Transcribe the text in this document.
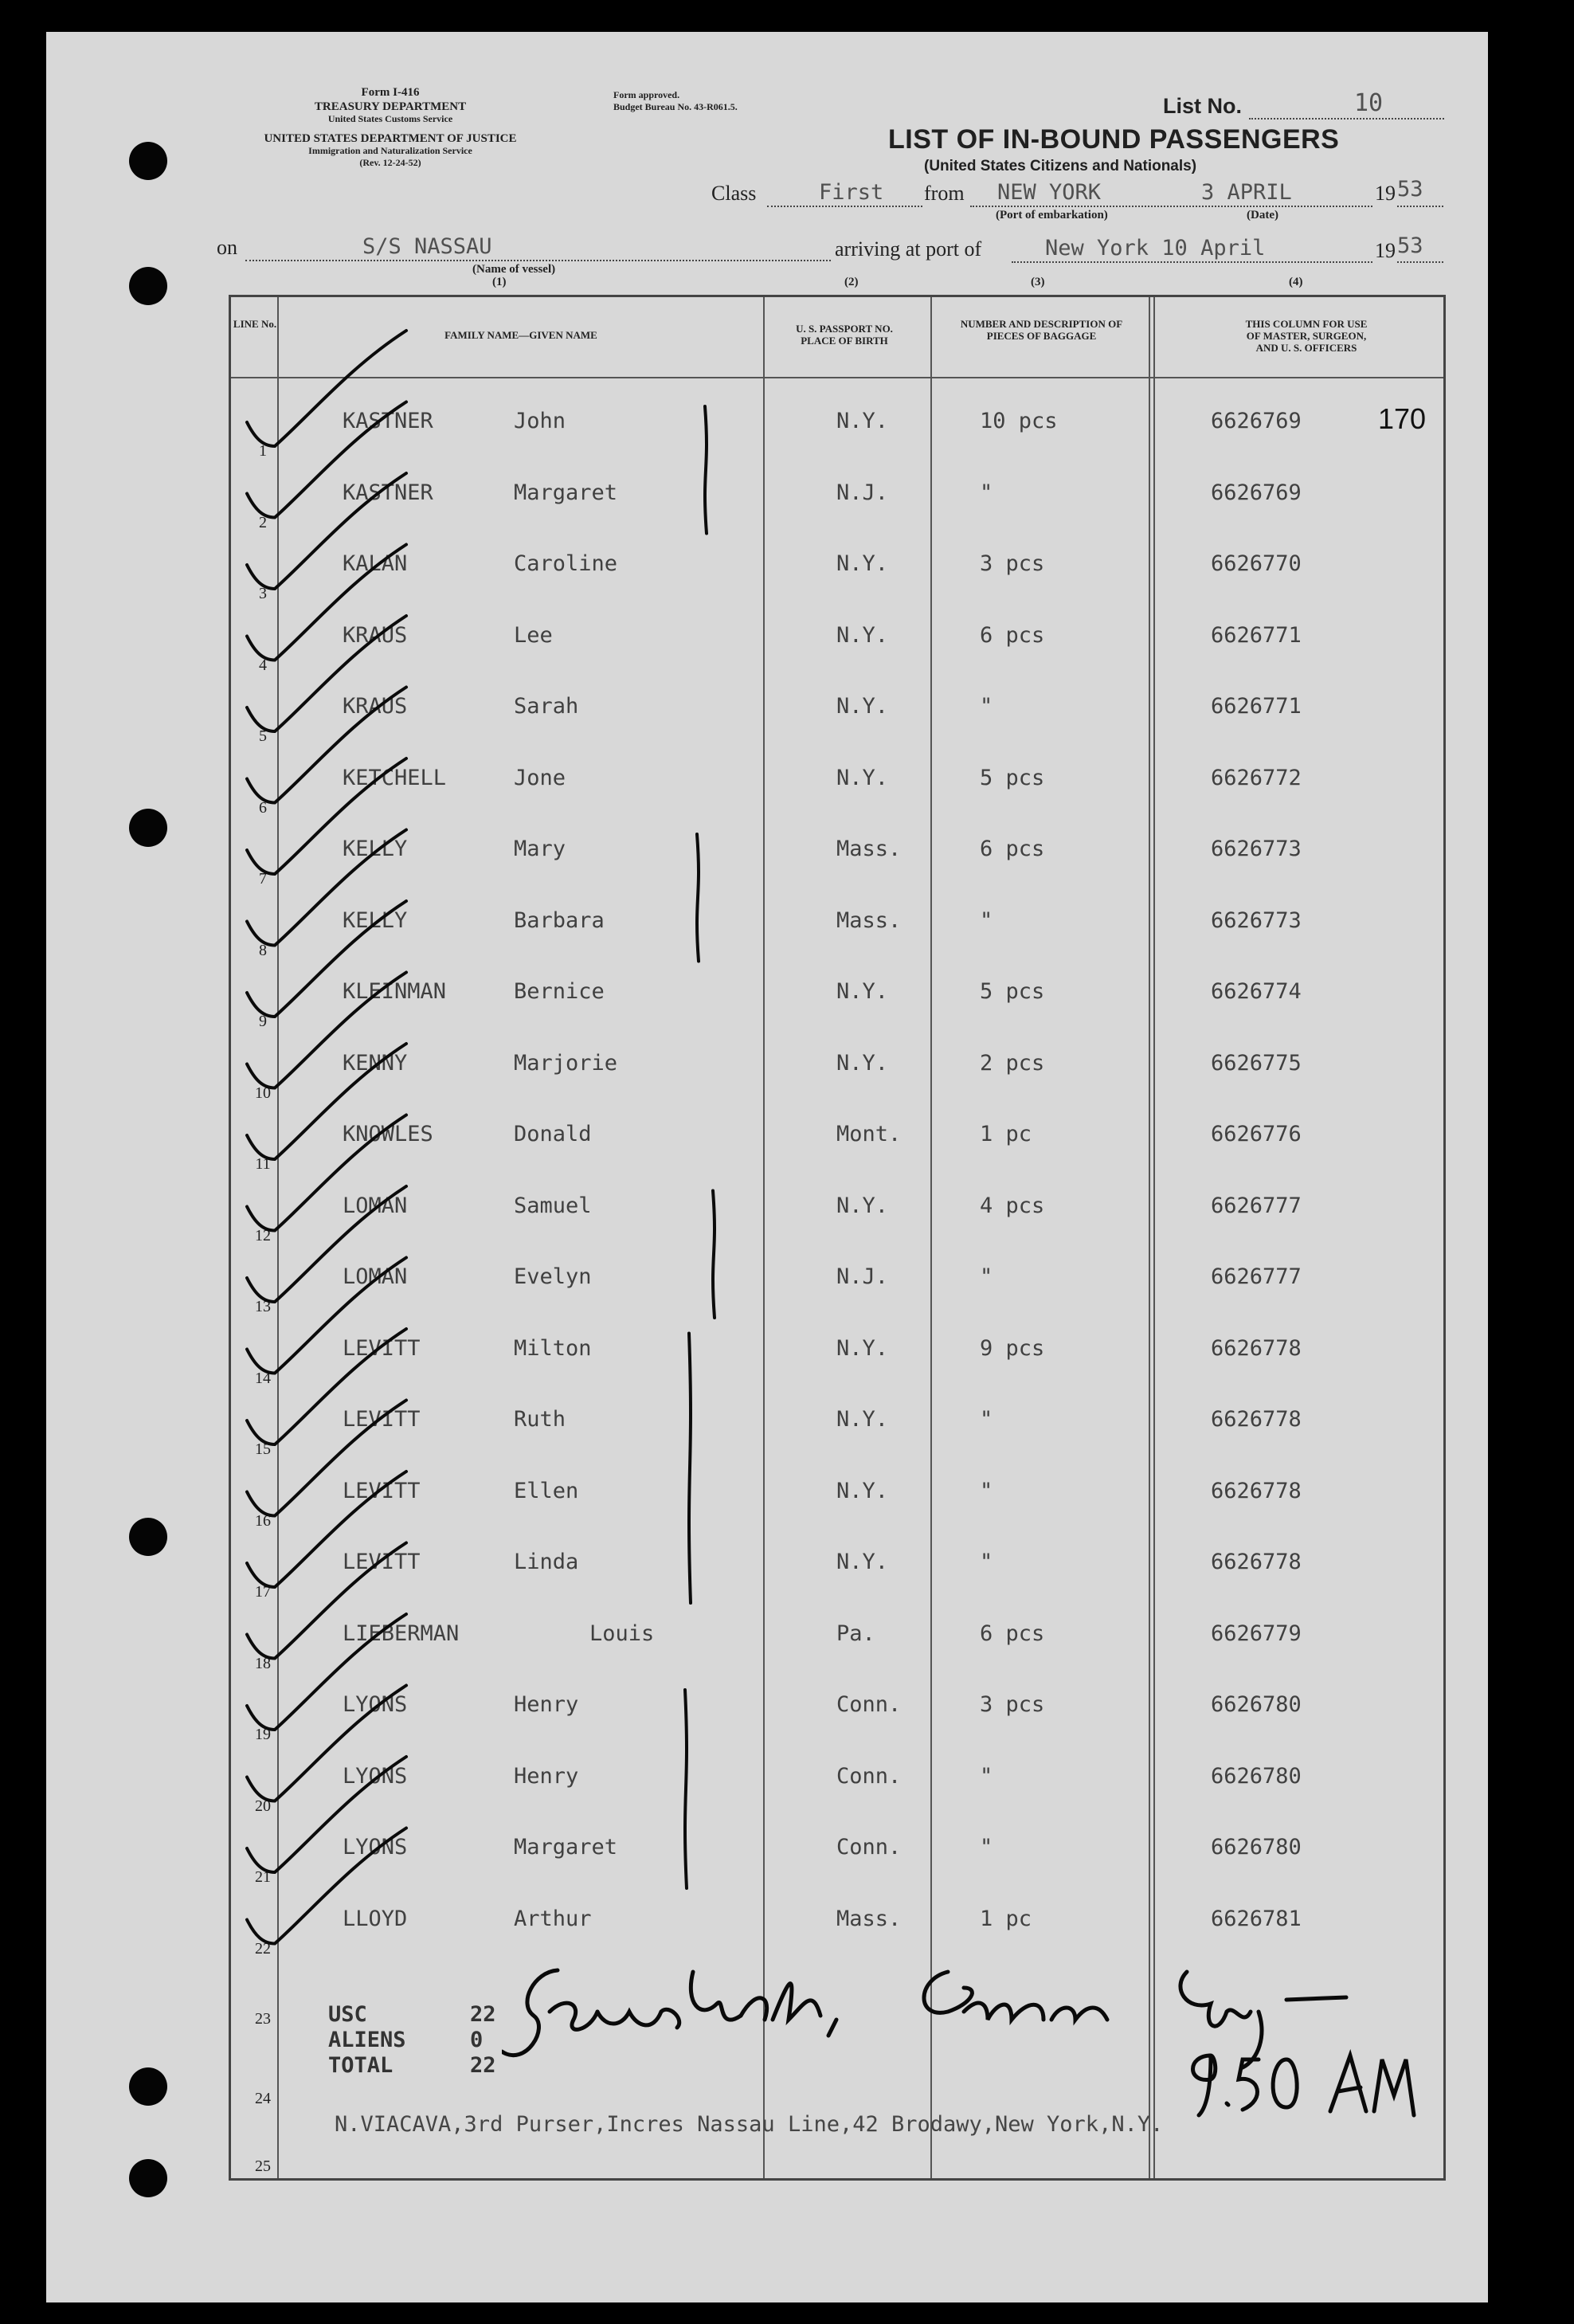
Form I-416
TREASURY DEPARTMENT
United States Customs Service
UNITED STATES DEPARTMENT OF JUSTICE
Immigration and Naturalization Service
(Rev. 12-24-52)
Form approved.
Budget Bureau No. 43-R061.5.
LIST OF IN-BOUND PASSENGERS
(United States Citizens and Nationals)
List No.	10
Class	First from NEW YORK	3 APRIL
(Port of embarkation)	(Date)
19 53
on	S/S NASSAU
(Name of vessel)
(1)
arriving at port of	New York 10 April	19 53
(2)	(3)	(4)
LINE No.
FAMILY NAME—GIVEN NAME
U. S. PASSPORT NO. PLACE OF BIRTH
NUMBER AND DESCRIPTION OF PIECES OF BAGGAGE
THIS COLUMN FOR USE OF MASTER, SURGEON, AND U. S. OFFICERS
1
KASTNER	John	N.Y.	10 pcs	6626769	170
2
KASTNER	Margaret	N.J.	"	6626769
3
KALAN	Caroline	N.Y.	3 pcs	6626770
4
KRAUS	Lee	N.Y.	6 pcs	6626771
5
KRAUS	Sarah	N.Y.	"	6626771
6
KETCHELL	Jone	N.Y.	5 pcs	6626772
7
KELLY	Mary	Mass.	6 pcs	6626773
8
KELLY	Barbara	Mass.	"	6626773
9
KLEINMAN	Bernice	N.Y.	5 pcs	6626774
10
KENNY	Marjorie	N.Y.	2 pcs	6626775
11
KNOWLES	Donald	Mont.	1 pc	6626776
12
LOMAN	Samuel	N.Y.	4 pcs	6626777
13
LOMAN	Evelyn	N.J.	"	6626777
14
LEVITT	Milton	N.Y.	9 pcs	6626778
15
LEVITT	Ruth	N.Y.	"	6626778
16
LEVITT	Ellen	N.Y.	"	6626778
17
LEVITT	Linda	N.Y.	"	6626778
18
LIEBERMAN	Louis	Pa.	6 pcs	6626779
19
LYONS	Henry	Conn.	3 pcs	6626780
20
LYONS	Henry	Conn.	"	6626780
21
LYONS	Margaret	Conn.	"	6626780
22
LLOYD	Arthur	Mass.	1 pc	6626781
USC	22
ALIENS	0
TOTAL	22
23
24
25
N.VIACAVA,3rd Purser,Incres Nassau Line,42 Brodawy,New York,N.Y.
